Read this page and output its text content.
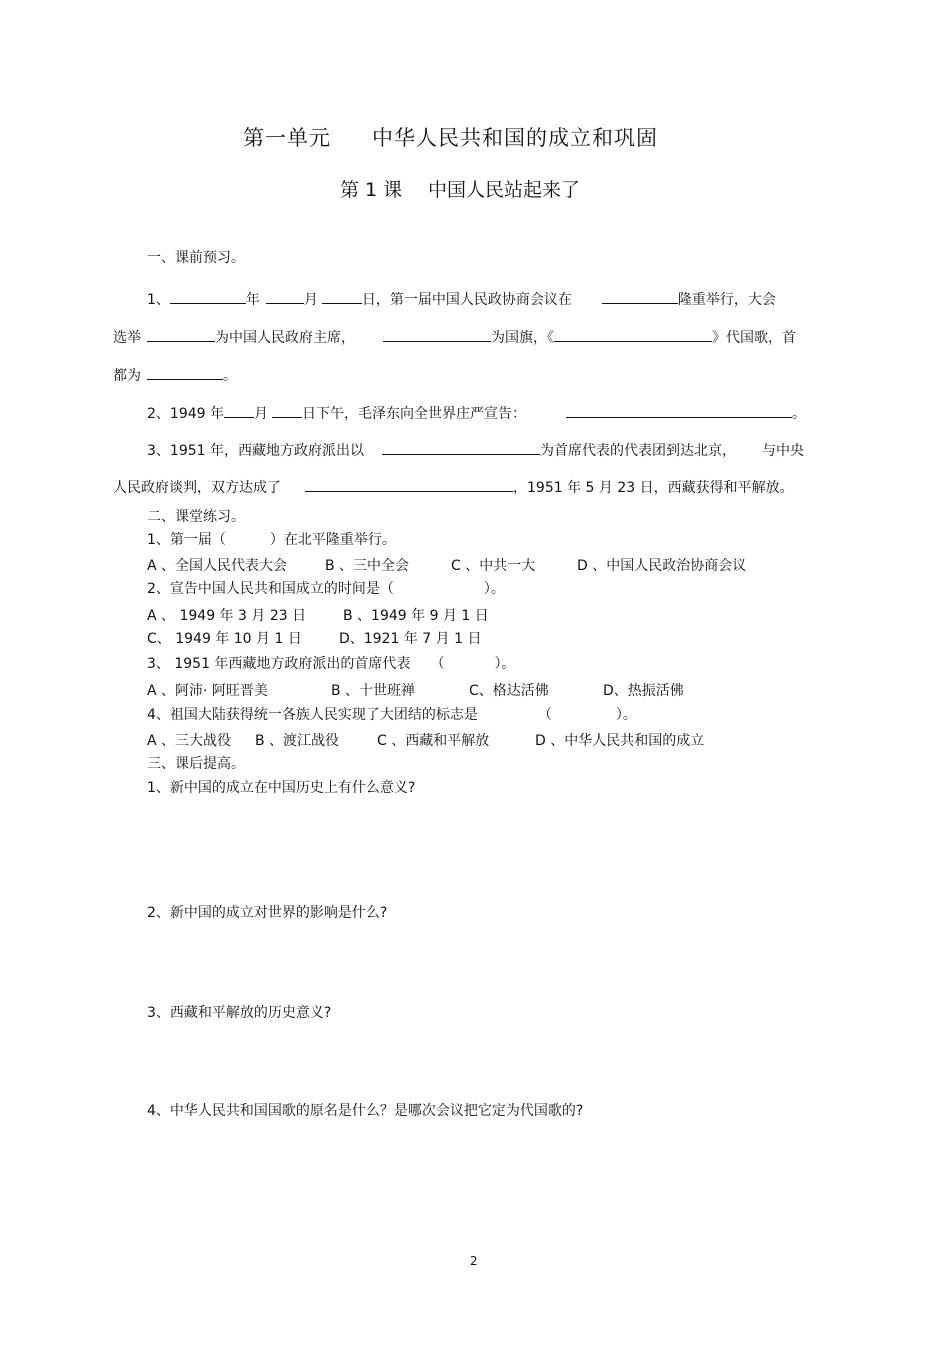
第一单元 中华人民共和国的成立和巩固
第 1 课 中国人民站起来了
一、课前预习。
1、	年	月	日，第一届中国人民政协商会议在	隆重举行，大会
选举	为中国人民政府主席，	为国旗，《	》代国歌，首
都为	。
2、1949 年 月 日下午，毛泽东向全世界庄严宣告：	。
3、1951 年，西藏地方政府派出以	为首席代表的代表团到达北京， 与中央
人民政府谈判，双方达成了	，1951 年 5 月 23 日，西藏获得和平解放。
二、课堂练习。
1、第一届（	）在北平隆重举行。
A 、全国人民代表大会	B 、三中全会	C 、中共一大	D 、中国人民政治协商会议
2、宣告中国人民共和国成立的时间是（	）。
A 、 1949 年 3 月 23 日	B 、1949 年 9 月 1 日
C、 1949 年 10 月 1 日	D、1921 年 7 月 1 日
3、 1951 年西藏地方政府派出的首席代表 （	）。
A 、阿沛· 阿旺晋美	B 、十世班禅	C、格达活佛	D、热振活佛
4、祖国大陆获得统一各族人民实现了大团结的标志是	（	）。
A 、三大战役 B 、渡江战役	C 、西藏和平解放	D 、中华人民共和国的成立
三、课后提高。
1、新中国的成立在中国历史上有什么意义?
2、新中国的成立对世界的影响是什么?
3、西藏和平解放的历史意义?
4、中华人民共和国国歌的原名是什么？是哪次会议把它定为代国歌的?
2
